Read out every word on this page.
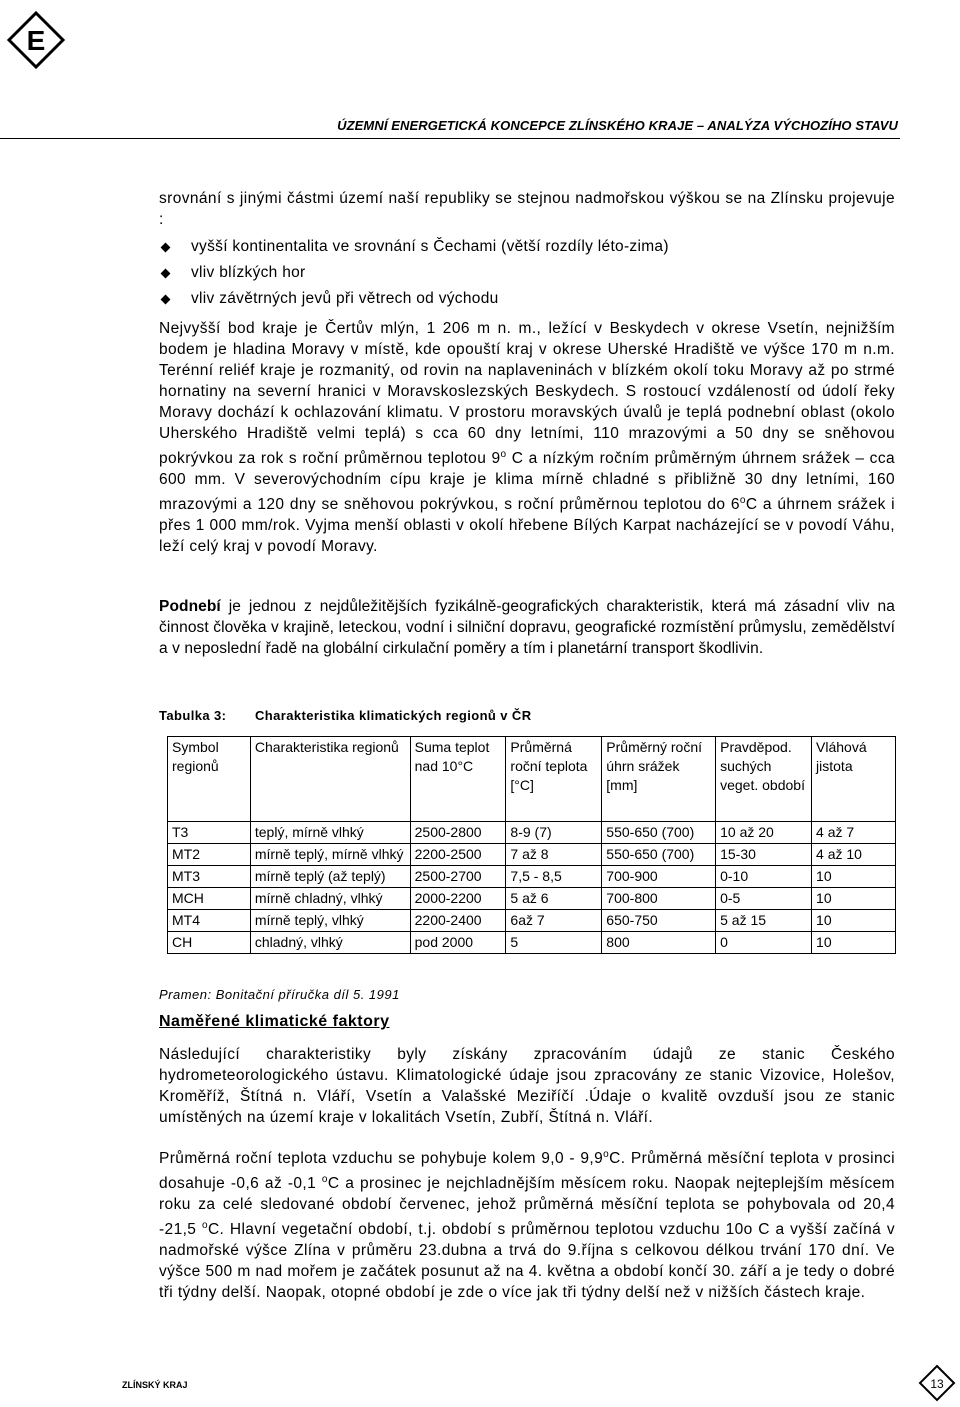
E
ÚZEMNÍ ENERGETICKÁ KONCEPCE ZLÍNSKÉHO KRAJE – ANALÝZA VÝCHOZÍHO STAVU

srovnání s jinými částmi území naší republiky se stejnou nadmořskou výškou se na Zlínsku projevuje :

vyšší kontinentalita ve srovnání s Čechami (větší rozdíly léto-zima)
vliv blízkých hor
vliv závětrných jevů při větrech od východu

Nejvyšší bod kraje je Čertův mlýn, 1 206 m n. m., ležící v Beskydech v okrese Vsetín, nejnižším bodem je hladina Moravy v místě, kde opouští kraj v okrese Uherské Hradiště ve výšce 170 m n.m. Terénní reliéf kraje je rozmanitý, od rovin na naplaveninách v blízkém okolí toku Moravy až po strmé hornatiny na severní hranici v Moravskoslezských Beskydech. S rostoucí vzdáleností od údolí řeky Moravy dochází k ochlazování klimatu. V prostoru moravských úvalů je teplá podnební oblast (okolo Uherského Hradiště velmi teplá) s cca 60 dny letními, 110 mrazovými a 50 dny se sněhovou pokrývkou za rok s roční průměrnou teplotou 9$^o$ C a nízkým ročním průměrným úhrnem srážek – cca 600 mm. V severovýchodním cípu kraje je klima mírně chladné s přibližně 30 dny letními, 160 mrazovými a 120 dny se sněhovou pokrývkou, s roční průměrnou teplotou do 6$^o$C a úhrnem srážek i přes 1 000 mm/rok. Vyjma menší oblasti v okolí hřebene Bílých Karpat nacházející se v povodí Váhu, leží celý kraj v povodí Moravy.

Podnebí je jednou z nejdůležitějších fyzikálně-geografických charakteristik, která má zásadní vliv na činnost člověka v krajině, leteckou, vodní i silniční dopravu, geografické rozmístění průmyslu, zemědělství a v neposlední řadě na globální cirkulační poměry a tím i planetární transport škodlivin.

Tabulka 3: Charakteristika klimatických regionů v ČR
Symbol regionů	Charakteristika regionů	Suma teplot nad 10°C	Průměrná roční teplota [°C]	Průměrný roční úhrn srážek [mm]	Pravděpod. suchých veget. období	Vláhová jistota
T3	teplý, mírně vlhký	2500-2800	8-9 (7)	550-650 (700)	10 až 20	4 až 7
MT2	mírně teplý, mírně vlhký	2200-2500	7 až 8	550-650 (700)	15-30	4 až 10
MT3	mírně teplý (až teplý)	2500-2700	7,5 - 8,5	700-900	0-10	10
MCH	mírně chladný, vlhký	2000-2200	5 až 6	700-800	0-5	10
MT4	mírně teplý, vlhký	2200-2400	6až 7	650-750	5 až 15	10
CH	chladný, vlhký	pod 2000	5	800	0	10
Pramen: Bonitační příručka díl 5. 1991
Naměřené klimatické faktory

Následující charakteristiky byly získány zpracováním údajů ze stanic Českého hydrometeorologického ústavu. Klimatologické údaje jsou zpracovány ze stanic Vizovice, Holešov, Kroměříž, Štítná n. Vláří, Vsetín a Valašské Meziříčí .Údaje o kvalitě ovzduší jsou ze stanic umístěných na území kraje v lokalitách Vsetín, Zubří, Štítná n. Vláří.

Průměrná roční teplota vzduchu se pohybuje kolem 9,0 - 9,9$^o$C. Průměrná měsíční teplota v prosinci dosahuje -0,6 až -0,1 $^o$C a prosinec je nejchladnějším měsícem roku. Naopak nejteplejším měsícem roku za celé sledované období červenec, jehož průměrná měsíční teplota se pohybovala od 20,4 -21,5 $^o$C. Hlavní vegetační období, t.j. období s průměrnou teplotou vzduchu 10o C a vyšší začíná v nadmořské výšce Zlína v průměru 23.dubna a trvá do 9.října s celkovou délkou trvání 170 dní. Ve výšce 500 m nad mořem je začátek posunut až na 4. května a období končí 30. září a je tedy o dobré tři týdny delší. Naopak, otopné období je zde o více jak tři týdny delší než v nižších částech kraje.

ZLÍNSKÝ KRAJ	13
